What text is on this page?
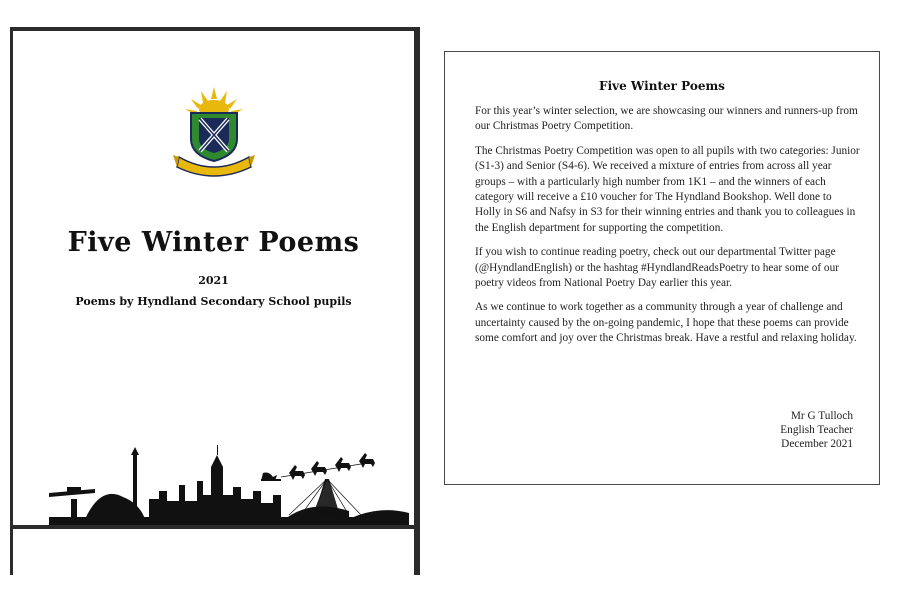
Five Winter Poems
2021
Poems by Hyndland Secondary School pupils
Five Winter Poems

For this year’s winter selection, we are showcasing our winners and runners-up from our Christmas Poetry Competition.

The Christmas Poetry Competition was open to all pupils with two categories: Junior (S1-3) and Senior (S4-6). We received a mixture of entries from across all year groups – with a particularly high number from 1K1 – and the winners of each category will receive a £10 voucher for The Hyndland Bookshop. Well done to Holly in S6 and Nafsy in S3 for their winning entries and thank you to colleagues in the English department for supporting the competition.

If you wish to continue reading poetry, check out our departmental Twitter page (@HyndlandEnglish) or the hashtag #HyndlandReadsPoetry to hear some of our poetry videos from National Poetry Day earlier this year.

As we continue to work together as a community through a year of challenge and uncertainty caused by the on-going pandemic, I hope that these poems can provide some comfort and joy over the Christmas break. Have a restful and relaxing holiday.

Mr G Tulloch
English Teacher
December 2021
